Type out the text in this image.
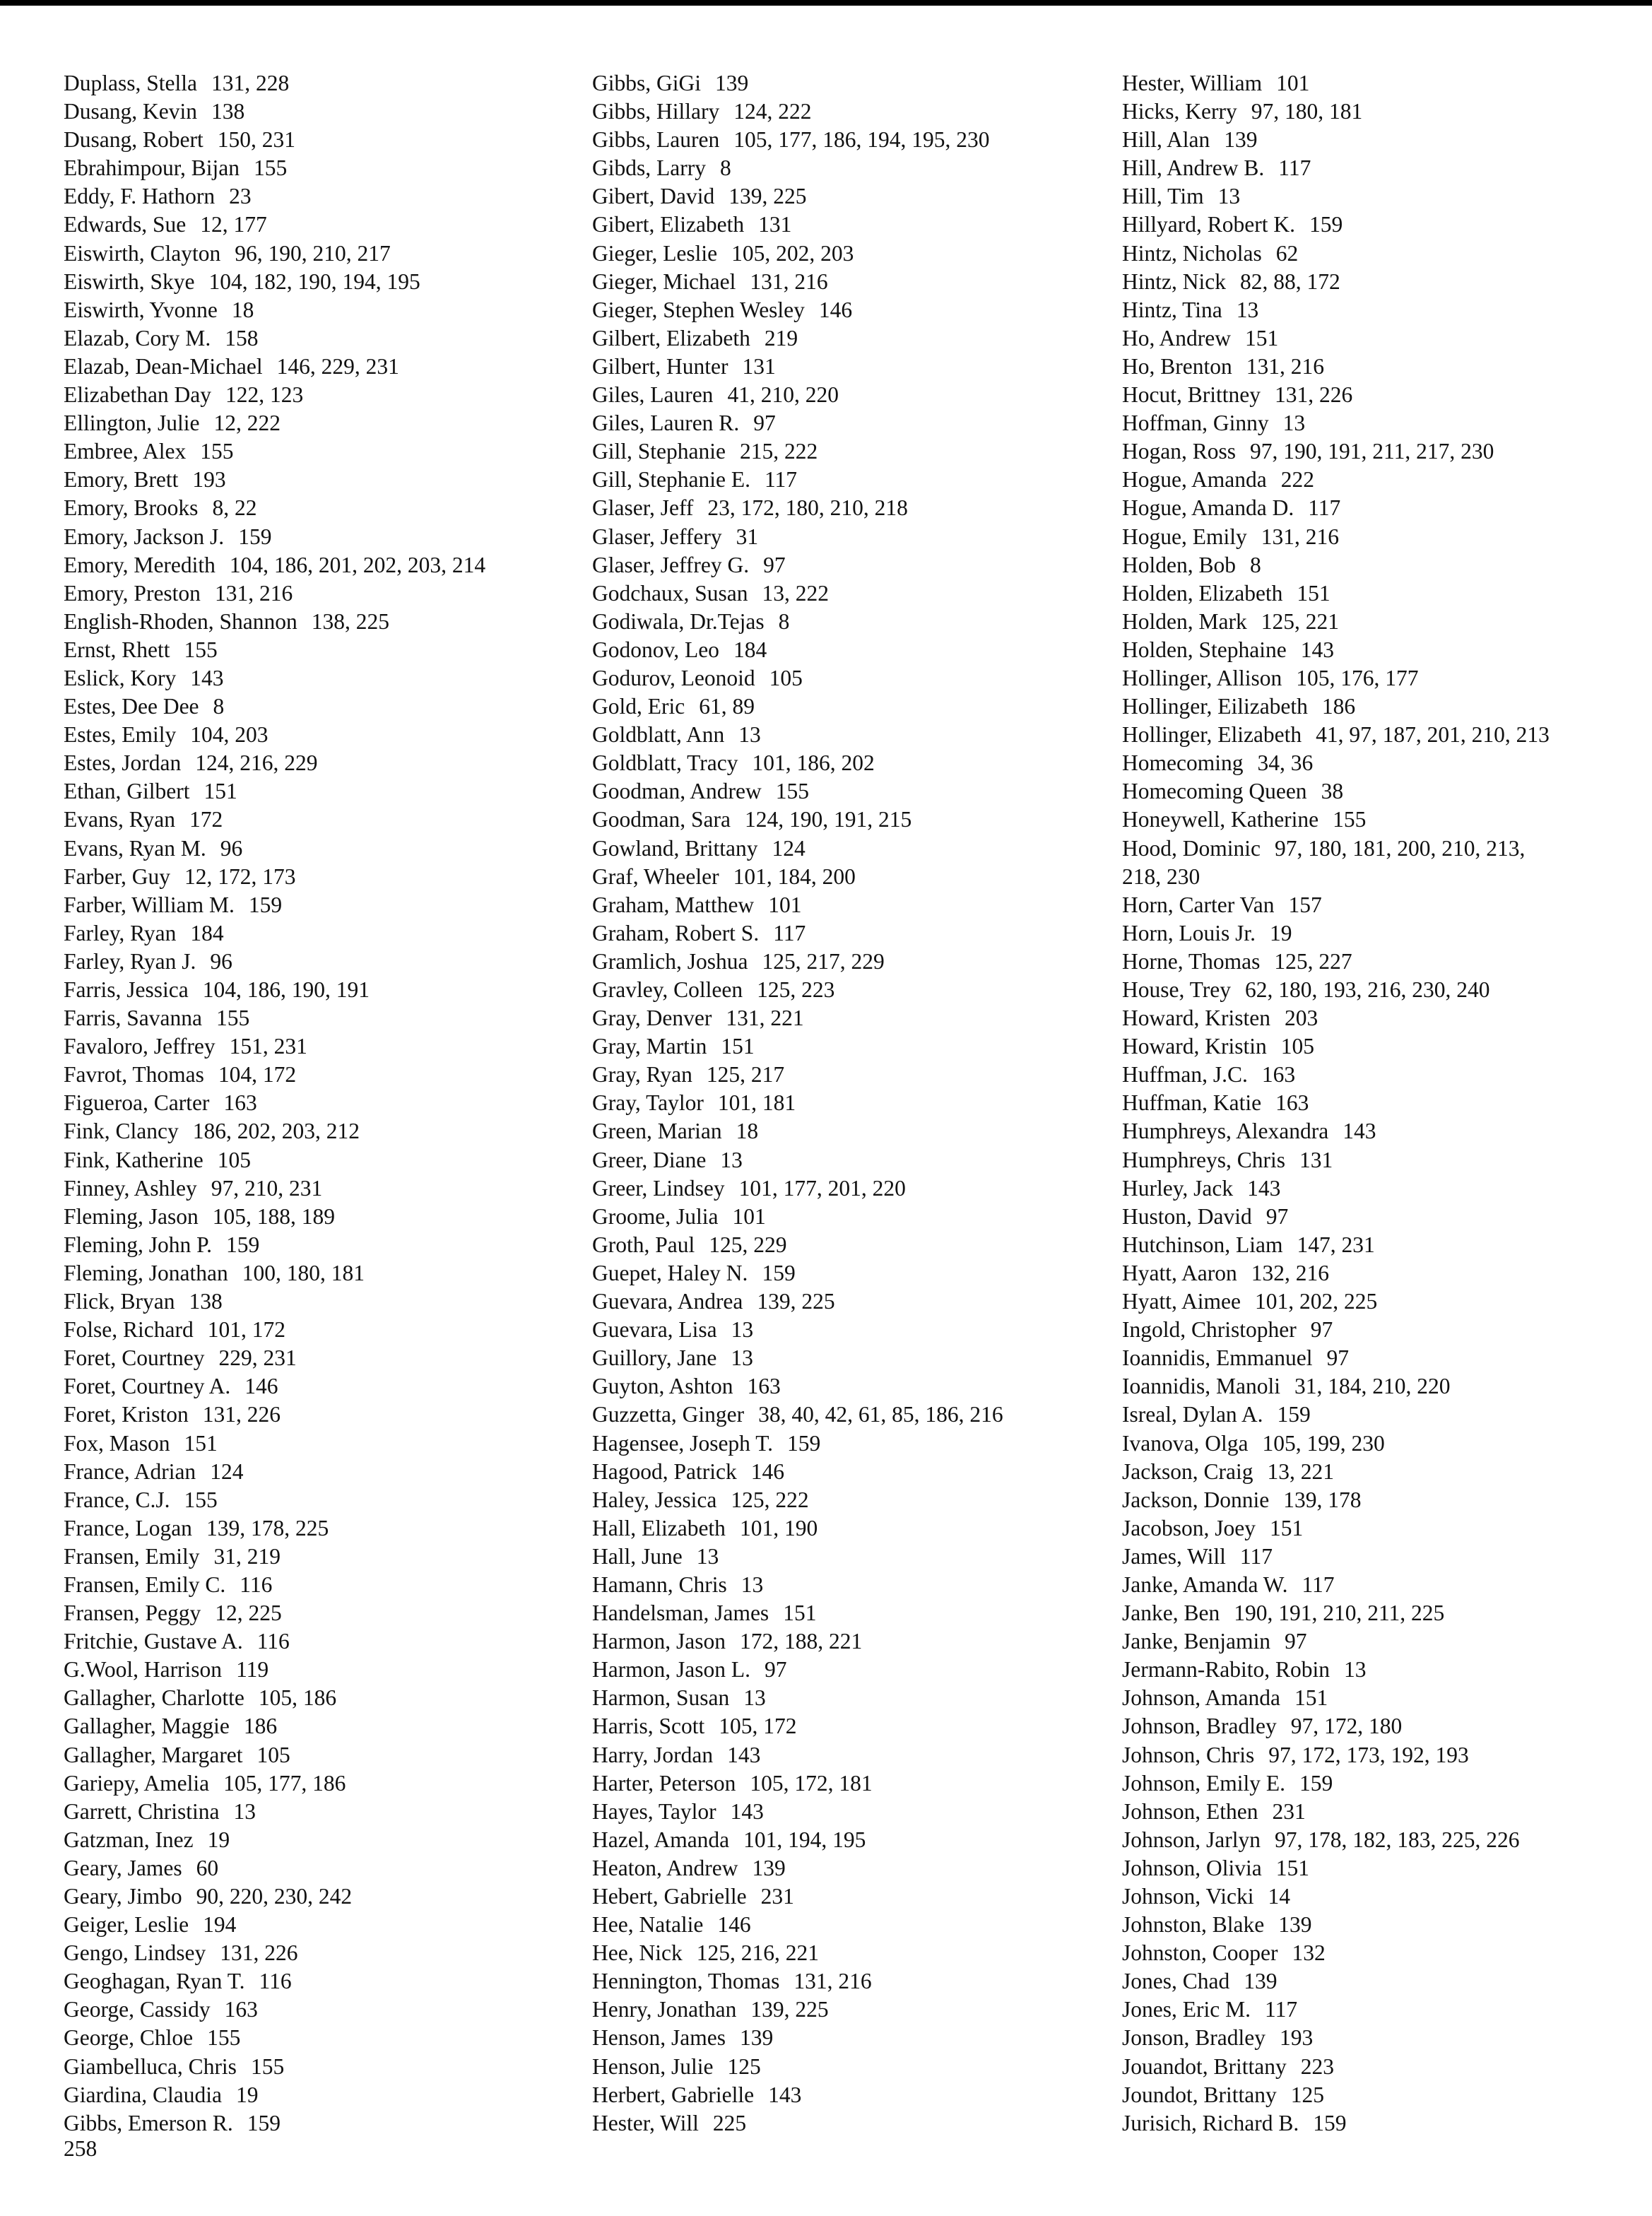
Duplass, Stella 131, 228
Dusang, Kevin 138
Dusang, Robert 150, 231
Ebrahimpour, Bijan 155
Eddy, F. Hathorn 23
Edwards, Sue 12, 177
Eiswirth, Clayton 96, 190, 210, 217
Eiswirth, Skye 104, 182, 190, 194, 195
Eiswirth, Yvonne 18
Elazab, Cory M. 158
Elazab, Dean-Michael 146, 229, 231
Elizabethan Day 122, 123
Ellington, Julie 12, 222
Embree, Alex 155
Emory, Brett 193
Emory, Brooks 8, 22
Emory, Jackson J. 159
Emory, Meredith 104, 186, 201, 202, 203, 214
Emory, Preston 131, 216
English-Rhoden, Shannon 138, 225
Ernst, Rhett 155
Eslick, Kory 143
Estes, Dee Dee 8
Estes, Emily 104, 203
Estes, Jordan 124, 216, 229
Ethan, Gilbert 151
Evans, Ryan 172
Evans, Ryan M. 96
Farber, Guy 12, 172, 173
Farber, William M. 159
Farley, Ryan 184
Farley, Ryan J. 96
Farris, Jessica 104, 186, 190, 191
Farris, Savanna 155
Favaloro, Jeffrey 151, 231
Favrot, Thomas 104, 172
Figueroa, Carter 163
Fink, Clancy 186, 202, 203, 212
Fink, Katherine 105
Finney, Ashley 97, 210, 231
Fleming, Jason 105, 188, 189
Fleming, John P. 159
Fleming, Jonathan 100, 180, 181
Flick, Bryan 138
Folse, Richard 101, 172
Foret, Courtney 229, 231
Foret, Courtney A. 146
Foret, Kriston 131, 226
Fox, Mason 151
France, Adrian 124
France, C.J. 155
France, Logan 139, 178, 225
Fransen, Emily 31, 219
Fransen, Emily C. 116
Fransen, Peggy 12, 225
Fritchie, Gustave A. 116
G.Wool, Harrison 119
Gallagher, Charlotte 105, 186
Gallagher, Maggie 186
Gallagher, Margaret 105
Gariepy, Amelia 105, 177, 186
Garrett, Christina 13
Gatzman, Inez 19
Geary, James 60
Geary, Jimbo 90, 220, 230, 242
Geiger, Leslie 194
Gengo, Lindsey 131, 226
Geoghagan, Ryan T. 116
George, Cassidy 163
George, Chloe 155
Giambelluca, Chris 155
Giardina, Claudia 19
Gibbs, Emerson R. 159
Gibbs, GiGi 139
Gibbs, Hillary 124, 222
Gibbs, Lauren 105, 177, 186, 194, 195, 230
Gibds, Larry 8
Gibert, David 139, 225
Gibert, Elizabeth 131
Gieger, Leslie 105, 202, 203
Gieger, Michael 131, 216
Gieger, Stephen Wesley 146
Gilbert, Elizabeth 219
Gilbert, Hunter 131
Giles, Lauren 41, 210, 220
Giles, Lauren R. 97
Gill, Stephanie 215, 222
Gill, Stephanie E. 117
Glaser, Jeff 23, 172, 180, 210, 218
Glaser, Jeffery 31
Glaser, Jeffrey G. 97
Godchaux, Susan 13, 222
Godiwala, Dr.Tejas 8
Godonov, Leo 184
Godurov, Leonoid 105
Gold, Eric 61, 89
Goldblatt, Ann 13
Goldblatt, Tracy 101, 186, 202
Goodman, Andrew 155
Goodman, Sara 124, 190, 191, 215
Gowland, Brittany 124
Graf, Wheeler 101, 184, 200
Graham, Matthew 101
Graham, Robert S. 117
Gramlich, Joshua 125, 217, 229
Gravley, Colleen 125, 223
Gray, Denver 131, 221
Gray, Martin 151
Gray, Ryan 125, 217
Gray, Taylor 101, 181
Green, Marian 18
Greer, Diane 13
Greer, Lindsey 101, 177, 201, 220
Groome, Julia 101
Groth, Paul 125, 229
Guepet, Haley N. 159
Guevara, Andrea 139, 225
Guevara, Lisa 13
Guillory, Jane 13
Guyton, Ashton 163
Guzzetta, Ginger 38, 40, 42, 61, 85, 186, 216
Hagensee, Joseph T. 159
Hagood, Patrick 146
Haley, Jessica 125, 222
Hall, Elizabeth 101, 190
Hall, June 13
Hamann, Chris 13
Handelsman, James 151
Harmon, Jason 172, 188, 221
Harmon, Jason L. 97
Harmon, Susan 13
Harris, Scott 105, 172
Harry, Jordan 143
Harter, Peterson 105, 172, 181
Hayes, Taylor 143
Hazel, Amanda 101, 194, 195
Heaton, Andrew 139
Hebert, Gabrielle 231
Hee, Natalie 146
Hee, Nick 125, 216, 221
Hennington, Thomas 131, 216
Henry, Jonathan 139, 225
Henson, James 139
Henson, Julie 125
Herbert, Gabrielle 143
Hester, Will 225
Hester, William 101
Hicks, Kerry 97, 180, 181
Hill, Alan 139
Hill, Andrew B. 117
Hill, Tim 13
Hillyard, Robert K. 159
Hintz, Nicholas 62
Hintz, Nick 82, 88, 172
Hintz, Tina 13
Ho, Andrew 151
Ho, Brenton 131, 216
Hocut, Brittney 131, 226
Hoffman, Ginny 13
Hogan, Ross 97, 190, 191, 211, 217, 230
Hogue, Amanda 222
Hogue, Amanda D. 117
Hogue, Emily 131, 216
Holden, Bob 8
Holden, Elizabeth 151
Holden, Mark 125, 221
Holden, Stephaine 143
Hollinger, Allison 105, 176, 177
Hollinger, Eilizabeth 186
Hollinger, Elizabeth 41, 97, 187, 201, 210, 213
Homecoming 34, 36
Homecoming Queen 38
Honeywell, Katherine 155
Hood, Dominic 97, 180, 181, 200, 210, 213,
218, 230
Horn, Carter Van 157
Horn, Louis Jr. 19
Horne, Thomas 125, 227
House, Trey 62, 180, 193, 216, 230, 240
Howard, Kristen 203
Howard, Kristin 105
Huffman, J.C. 163
Huffman, Katie 163
Humphreys, Alexandra 143
Humphreys, Chris 131
Hurley, Jack 143
Huston, David 97
Hutchinson, Liam 147, 231
Hyatt, Aaron 132, 216
Hyatt, Aimee 101, 202, 225
Ingold, Christopher 97
Ioannidis, Emmanuel 97
Ioannidis, Manoli 31, 184, 210, 220
Isreal, Dylan A. 159
Ivanova, Olga 105, 199, 230
Jackson, Craig 13, 221
Jackson, Donnie 139, 178
Jacobson, Joey 151
James, Will 117
Janke, Amanda W. 117
Janke, Ben 190, 191, 210, 211, 225
Janke, Benjamin 97
Jermann-Rabito, Robin 13
Johnson, Amanda 151
Johnson, Bradley 97, 172, 180
Johnson, Chris 97, 172, 173, 192, 193
Johnson, Emily E. 159
Johnson, Ethen 231
Johnson, Jarlyn 97, 178, 182, 183, 225, 226
Johnson, Olivia 151
Johnson, Vicki 14
Johnston, Blake 139
Johnston, Cooper 132
Jones, Chad 139
Jones, Eric M. 117
Jonson, Bradley 193
Jouandot, Brittany 223
Joundot, Brittany 125
Jurisich, Richard B. 159
258
